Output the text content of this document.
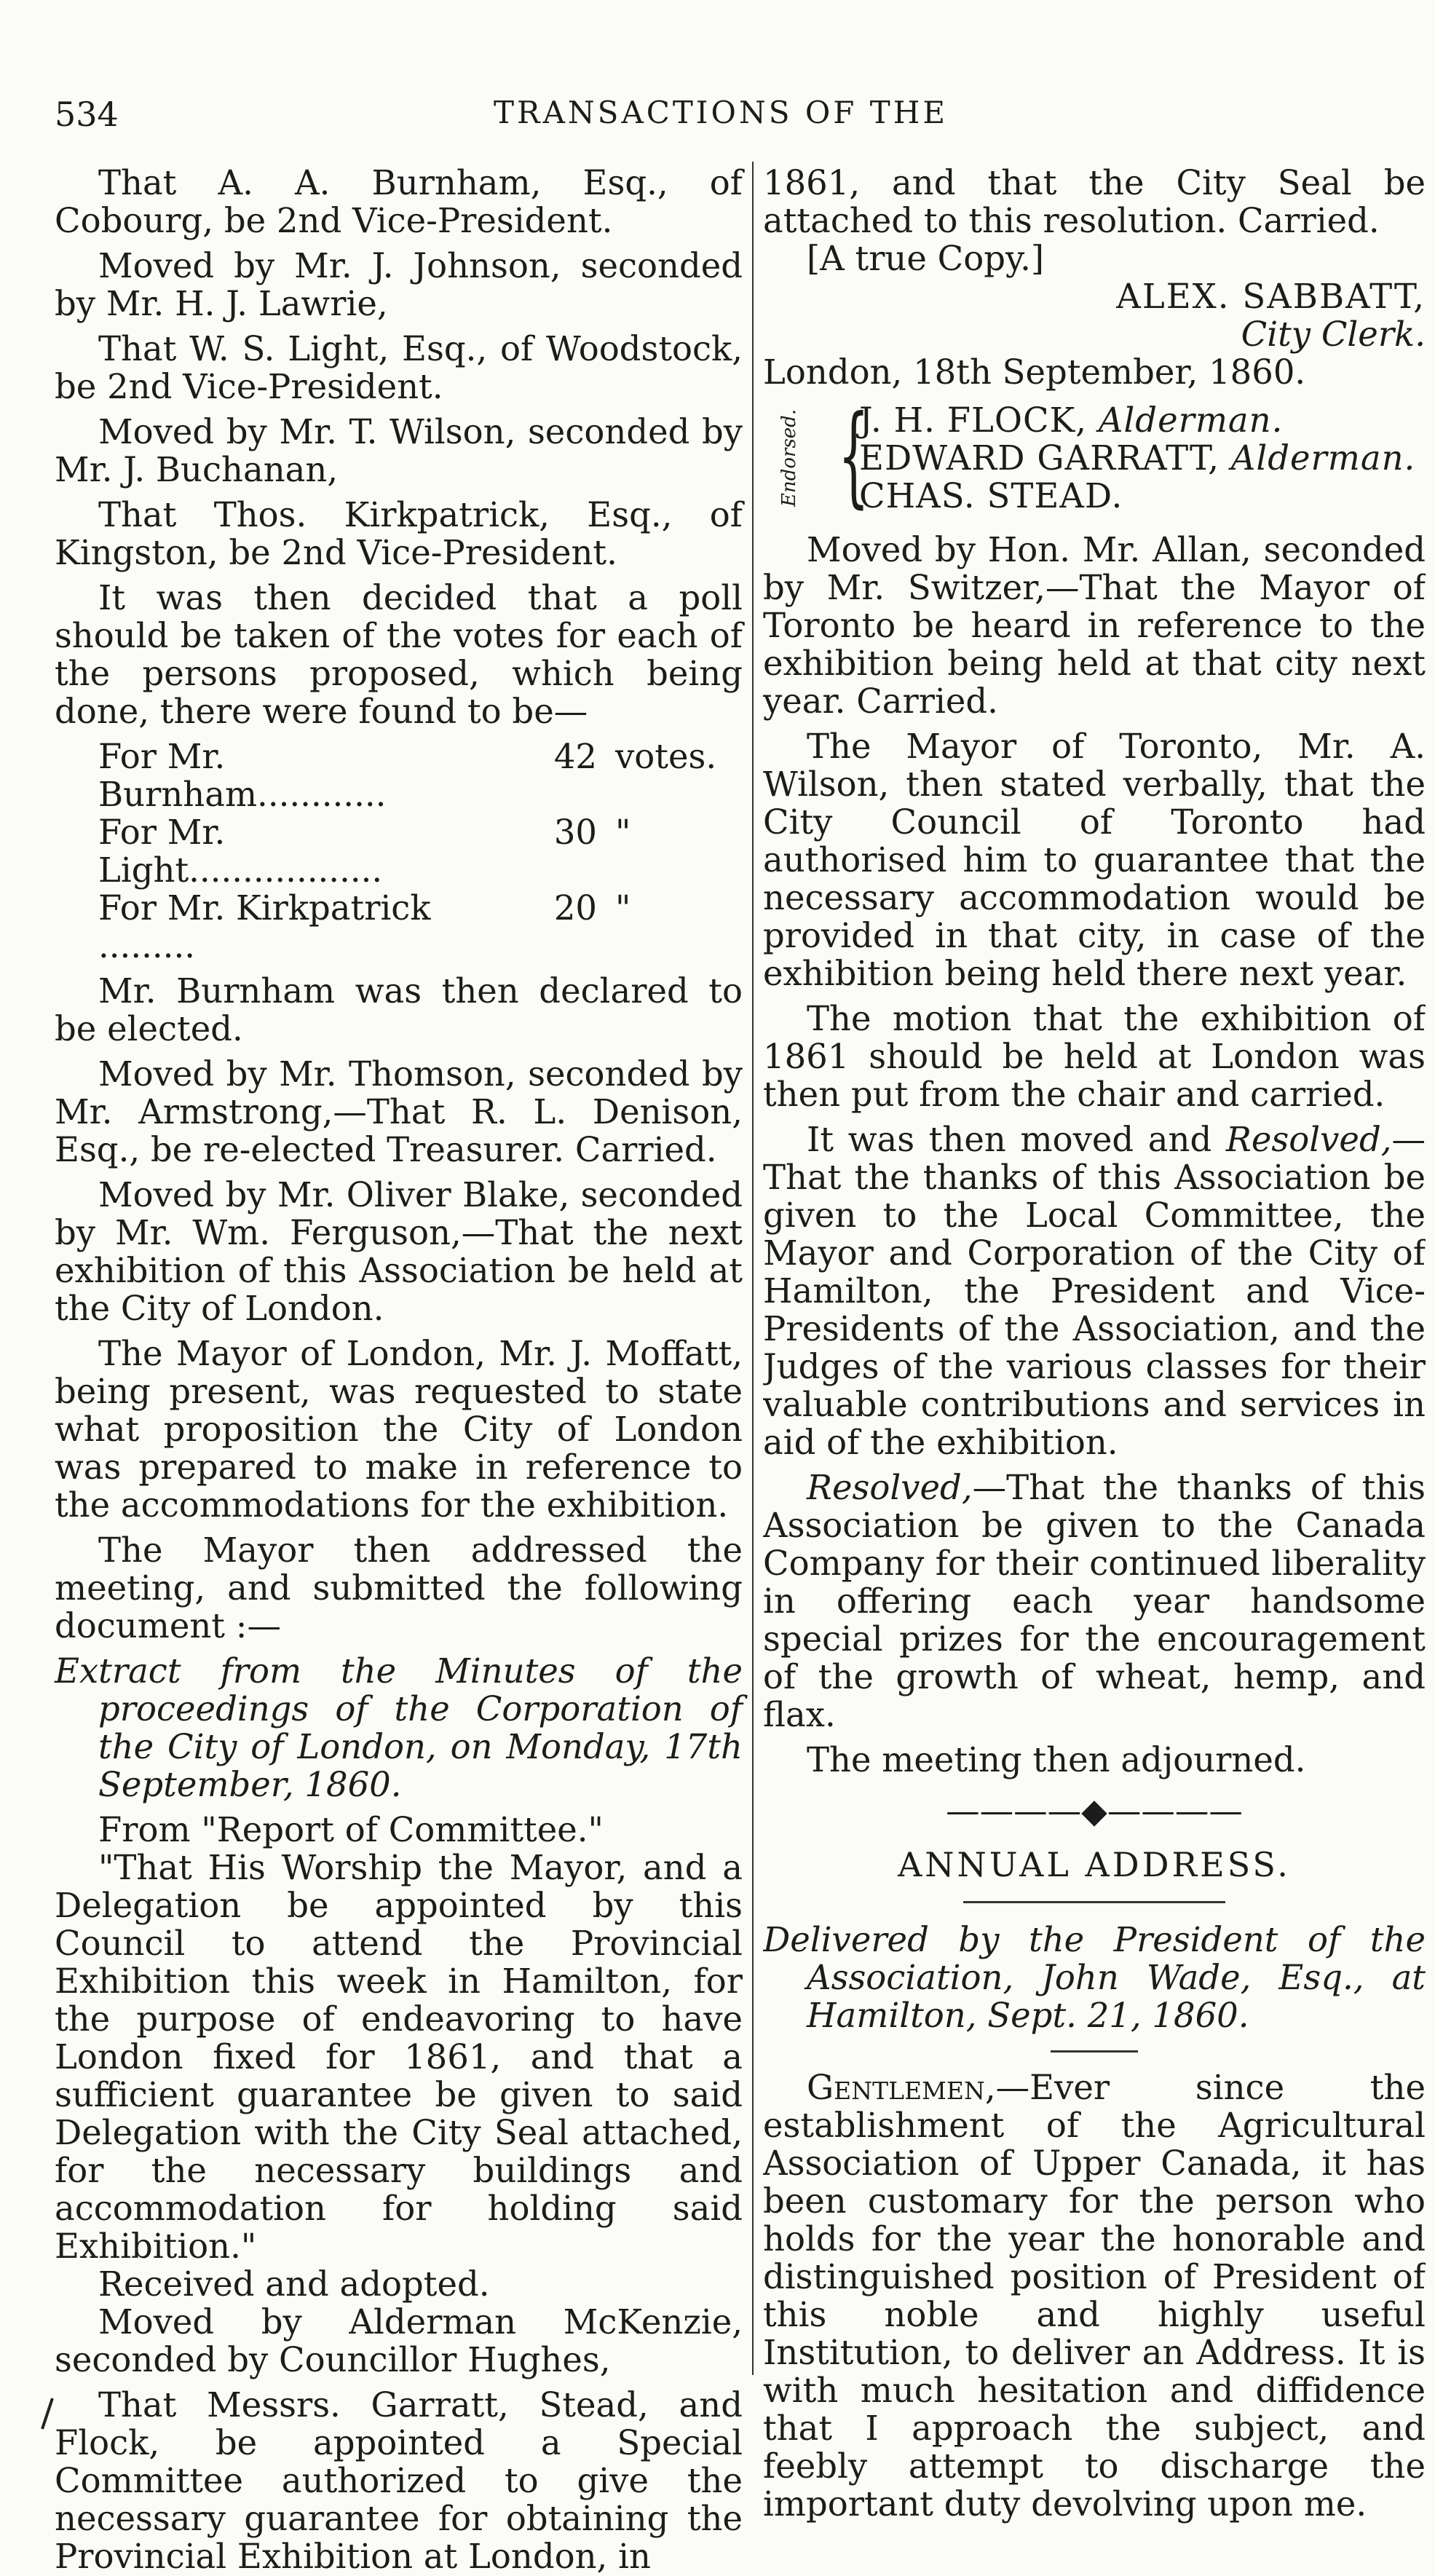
534	TRANSACTIONS OF THE

That A. A. Burnham, Esq., of Cobourg, be 2nd Vice-President.

Moved by Mr. J. Johnson, seconded by Mr. H. J. Lawrie,

That W. S. Light, Esq., of Woodstock, be 2nd Vice-President.

Moved by Mr. T. Wilson, seconded by Mr. J. Buchanan,

That Thos. Kirkpatrick, Esq., of Kingston, be 2nd Vice-President.

It was then decided that a poll should be taken of the votes for each of the persons proposed, which being done, there were found to be—

For Mr. Burnham............
42 votes.
For Mr. Light..................
30 "
For Mr. Kirkpatrick .........
20 "

Mr. Burnham was then declared to be elected.

Moved by Mr. Thomson, seconded by Mr. Armstrong,—That R. L. Denison, Esq., be re-elected Treasurer. Carried.

Moved by Mr. Oliver Blake, seconded by Mr. Wm. Ferguson,—That the next exhibition of this Association be held at the City of London.

The Mayor of London, Mr. J. Moffatt, being present, was requested to state what proposition the City of London was prepared to make in reference to the accommodations for the exhibition.

The Mayor then addressed the meeting, and submitted the following document :—

Extract from the Minutes of the proceedings of the Corporation of the City of London, on Monday, 17th September, 1860.

From "Report of Committee."

"That His Worship the Mayor, and a Delegation be appointed by this Council to attend the Provincial Exhibition this week in Hamilton, for the purpose of endeavoring to have London fixed for 1861, and that a sufficient guarantee be given to said Delegation with the City Seal attached, for the necessary buildings and accommodation for holding said Exhibition."

Received and adopted.

Moved by Alderman McKenzie, seconded by Councillor Hughes,

That Messrs. Garratt, Stead, and Flock, be appointed a Special Committee authorized to give the necessary guarantee for obtaining the Provincial Exhibition at London, in

1861, and that the City Seal be attached to this resolution. Carried.

[A true Copy.]

ALEX. SABBATT,

City Clerk.

London, 18th September, 1860.

Endorsed. {
J. H. FLOCK, Alderman.
EDWARD GARRATT, Alderman.
CHAS. STEAD.

Moved by Hon. Mr. Allan, seconded by Mr. Switzer,—That the Mayor of Toronto be heard in reference to the exhibition being held at that city next year. Carried.

The Mayor of Toronto, Mr. A. Wilson, then stated verbally, that the City Council of Toronto had authorised him to guarantee that the necessary accommodation would be provided in that city, in case of the exhibition being held there next year.

The motion that the exhibition of 1861 should be held at London was then put from the chair and carried.

It was then moved and Resolved,—That the thanks of this Association be given to the Local Committee, the Mayor and Corporation of the City of Hamilton, the President and Vice-Presidents of the Association, and the Judges of the various classes for their valuable contributions and services in aid of the exhibition.

Resolved,—That the thanks of this Association be given to the Canada Company for their continued liberality in offering each year handsome special prizes for the encouragement of the growth of wheat, hemp, and flax.

The meeting then adjourned.

————◆————
ANNUAL ADDRESS.

Delivered by the President of the Association, John Wade, Esq., at Hamilton, Sept. 21, 1860.

Gentlemen,—Ever since the establishment of the Agricultural Association of Upper Canada, it has been customary for the person who holds for the year the honorable and distinguished position of President of this noble and highly useful Institution, to deliver an Address. It is with much hesitation and diffidence that I approach the subject, and feebly attempt to discharge the important duty devolving upon me.
